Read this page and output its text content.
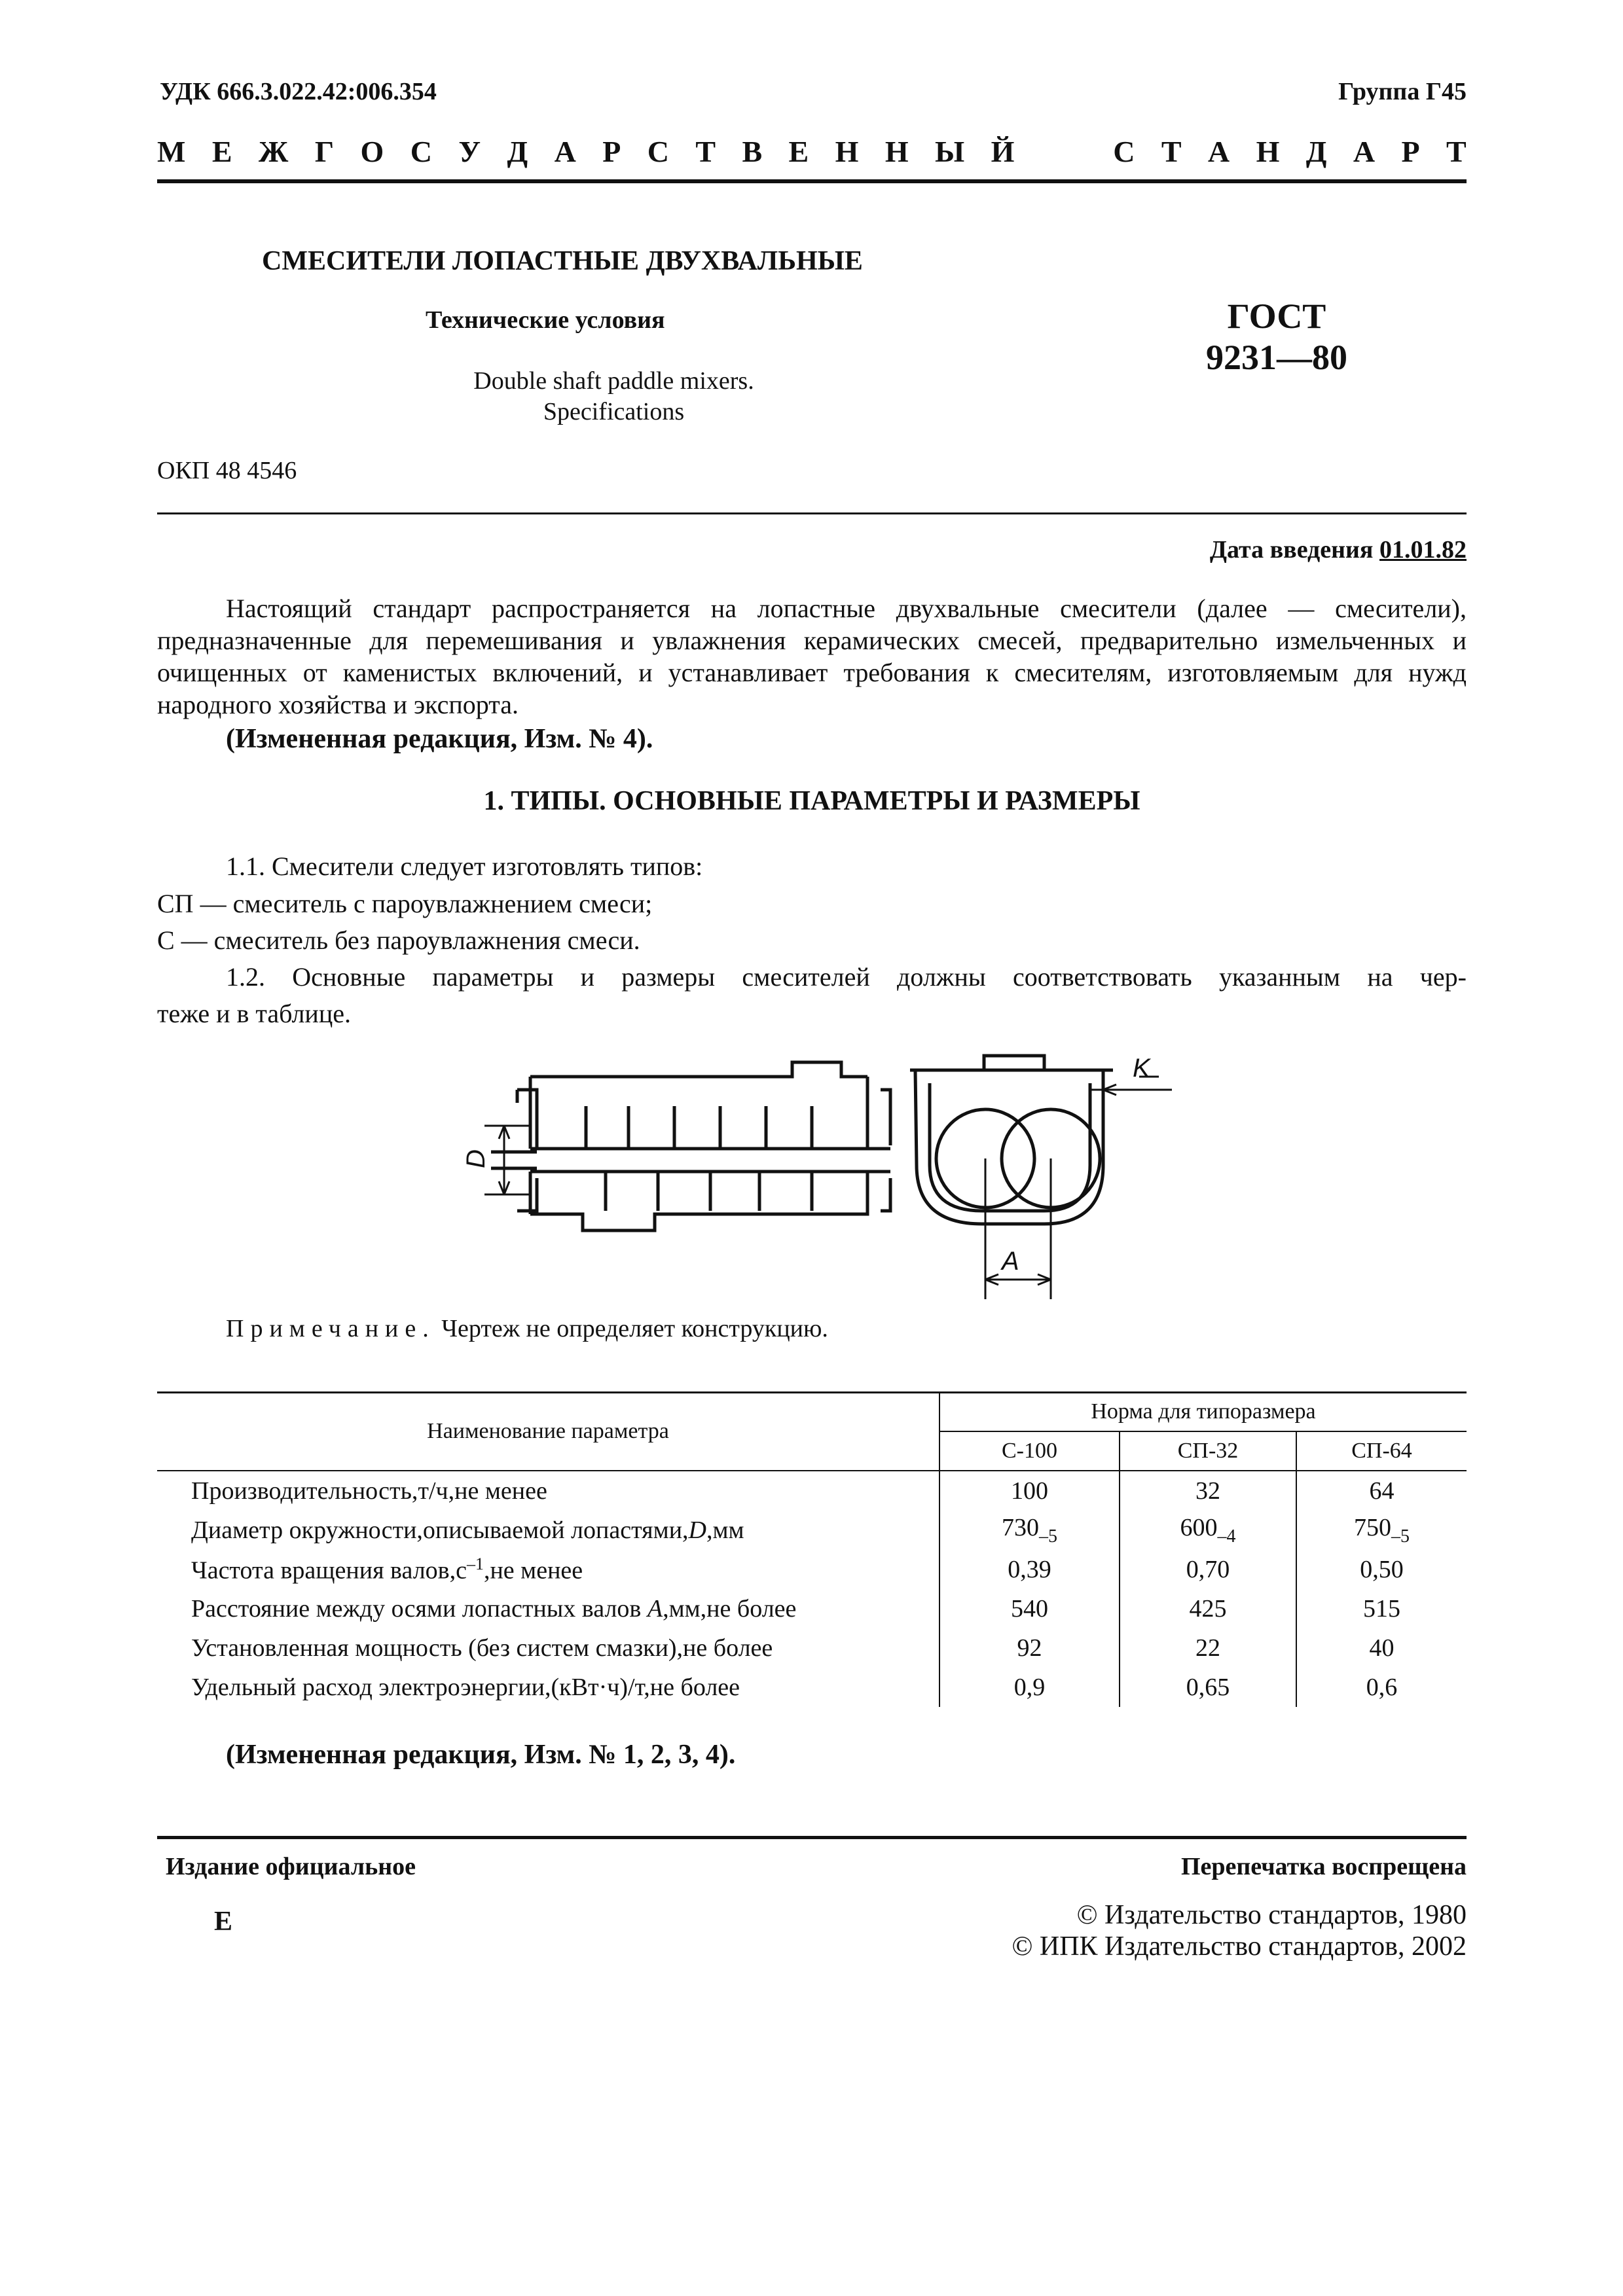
УДК 666.3.022.42:006.354	Группа Г45
М Е Ж Г О С У Д А Р С Т В Е Н Н Ы Й	С Т А Н Д А Р Т
СМЕСИТЕЛИ ЛОПАСТНЫЕ ДВУХВАЛЬНЫЕ
Технические условия
Double shaft paddle mixers.
Specifications
ГОСТ
9231—80
ОКП 48 4546
Дата введения 01.01.82
Настоящий стандарт распространяется на лопастные двухвальные смесители (далее — смесители), предназначенные для перемешивания и увлажнения керамических смесей, предварительно измельченных и очищенных от каменистых включений, и устанавливает требования к смесителям, изготовляемым для нужд народного хозяйства и экспорта.
(Измененная редакция, Изм. № 4).
1. ТИПЫ. ОСНОВНЫЕ ПАРАМЕТРЫ И РАЗМЕРЫ
1.1. Смесители следует изготовлять типов:
СП — смеситель с пароувлажнением смеси;
С — смеситель без пароувлажнения смеси.
1.2. Основные параметры и размеры смесителей должны соответствовать указанным на чер-
теже и в таблице.
D
K
A
Примечание. Чертеж не определяет конструкцию.
Наименование параметра	Норма для типоразмера		
	С-100	СП-32	СП-64
Производительность,т/ч,не менее	100	32	64
Диаметр окружности,описываемой лопастями,D,мм	$730_{-5}$	$600_{-4}$	$750_{-5}$
Частота вращения $валов,с^{-1},не$ менее	0,39	0,70	0,50
Расстояние между осями лопастных валов A,мм,не более	540	425	515
Установленная мощность (без систем смазки),не более	92	22	40
Удельный расход электроэнергии,(кВт·ч)/т,не более	0,9	0,65	0,6
(Измененная редакция, Изм. № 1, 2, 3, 4).
Издание официальное	Перепечатка воспрещена
Е	© Издательство стандартов, 1980
© ИПК Издательство стандартов, 2002
